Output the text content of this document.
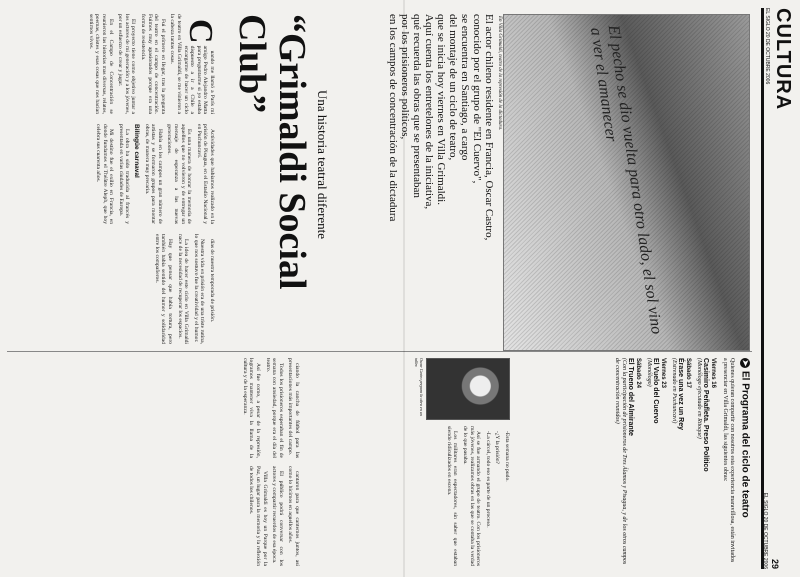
CULTURA
EL SIGLO 20 DE OCTUBRE 2006
29
EL SIGLO 20 DE OCTUBRE 2006
El pecho se dio vuelta para otro lado, el sol vino a ver el amanecer
En Villa Grimaldi, teatro de la represión de la dictadura.

El actor chileno residente en Francia, Oscar Castro,

conocido por el grupo de "El Cuervo",

se encuentra en Santiago, a cargo

del montaje de un ciclo de teatro,

que se inicia hoy viernes en Villa Grimaldi.

Aquí cuenta los entretelones de la iniciativa,

qué recuerda las obras que se presentaban

por los prisioneros políticos,

en los campos de concentración de la dictadura

Una historia teatral diferente
“Grimaldi Social Club”
➤El Programa del ciclo de teatro

Quienes quieran compartir con nosotros esta experiencia maravillosa, están invitados a presenciar en Villa Grimaldi, las siguientes obras:

Viernes 16
Casimiro Peñafleta. Preso Político
(Monólogo ejecutado en Ritoque)
Sábado 17
Érase una vez un Rey
(Estrenado en Puchuncaví)
Viernes 23
El Vuelo del Cuervo
(Monólogo)
Sábado 24
El Trueno del Almirante
(Con la participación de prisioneros de Tres Álamos y Pisagua, y de los otros campos de concentración reunidos)
Oscar Castro prepara la obra en un taller.

C
uando me llamó a París mi amigo Pedro Alejandro Matta para preguntarme si yo estaba dispuesto a ir a Chile a encargarme de hacer un ciclo de teatro en Villa Grimaldi, se me vinieron a la cabeza tantas cosas.

Fui el primero en llegar, tras la pregunta del teatro en el campo de concentración. Fuimos muy apasionados porque era una forma de resistencia.

El proyecto tiene como objetivo juntar a los actores de mi generación y a los jóvenes, por un esfuerzo de crear y jugar.

En el Campo de Concentración se reunieron las historias mas diversas, relatos, poemas, chistes y esas cosas que nos hacian sentirnos vivos.

Actividades que habíamos realizado en la prisión de Pisagua, en el Estadio Nacional y en Puchuncaví.

Es una manera de honrar la memoria de aquellos que no volvieron y de entregar un mensaje de esperanza a las nuevas generaciones.

Había en los campos un gran número de artistas y se formaron grupos para montar obras, de manera muy precaria.

Bilingüe carnaval

La obra ha sido traducida al francés y presentada en varias ciudades de Europa.

Mi destino fue el exilio en Francia, en donde fundamos el Théâtre Aleph, que hoy celebra sus cuarenta años.

días de nuestra temporada de prisión.

Nuestra vida en prisión era de una triste rutina, lo que nos sostuvo fue la creatividad y el humor.

La idea de hacer este ciclo en Villa Grimaldi nace de la necesidad de recuperar los espacios.

Hay que pensar que había tortura, pero también había sentido del humor y solidaridad entre los compañeros.

-Esta semana no pudo.

-¿Y la prisión?

-La cárcel, todo eso es parte de un proceso.

Así se fue armando el grupo de teatro. Con los prisioneros más jóvenes, realizamos obras en las que se contaba la verdad de lo que pasaba.

Los militares eran espectadores, sin saber que estaban siendo ridiculizados en escena.

ciando la cancha de fútbol para las presentaciones más importantes del campo.

Todos los prisioneros esperaban el fin de semana con ansiedad, porque era el día del teatro.

Así fue como, a pesar de la represión, logramos mantener viva la llama de la cultura y de la esperanza.

cantaron para que cantemos juntos, así como lo hicimos en aquellos años.

El público podrá conversar con los actores y compartir recuerdos de esa época.

Villa Grimaldi es hoy un Parque por la Paz, un lugar para la memoria y la reflexión de todos los chilenos.
